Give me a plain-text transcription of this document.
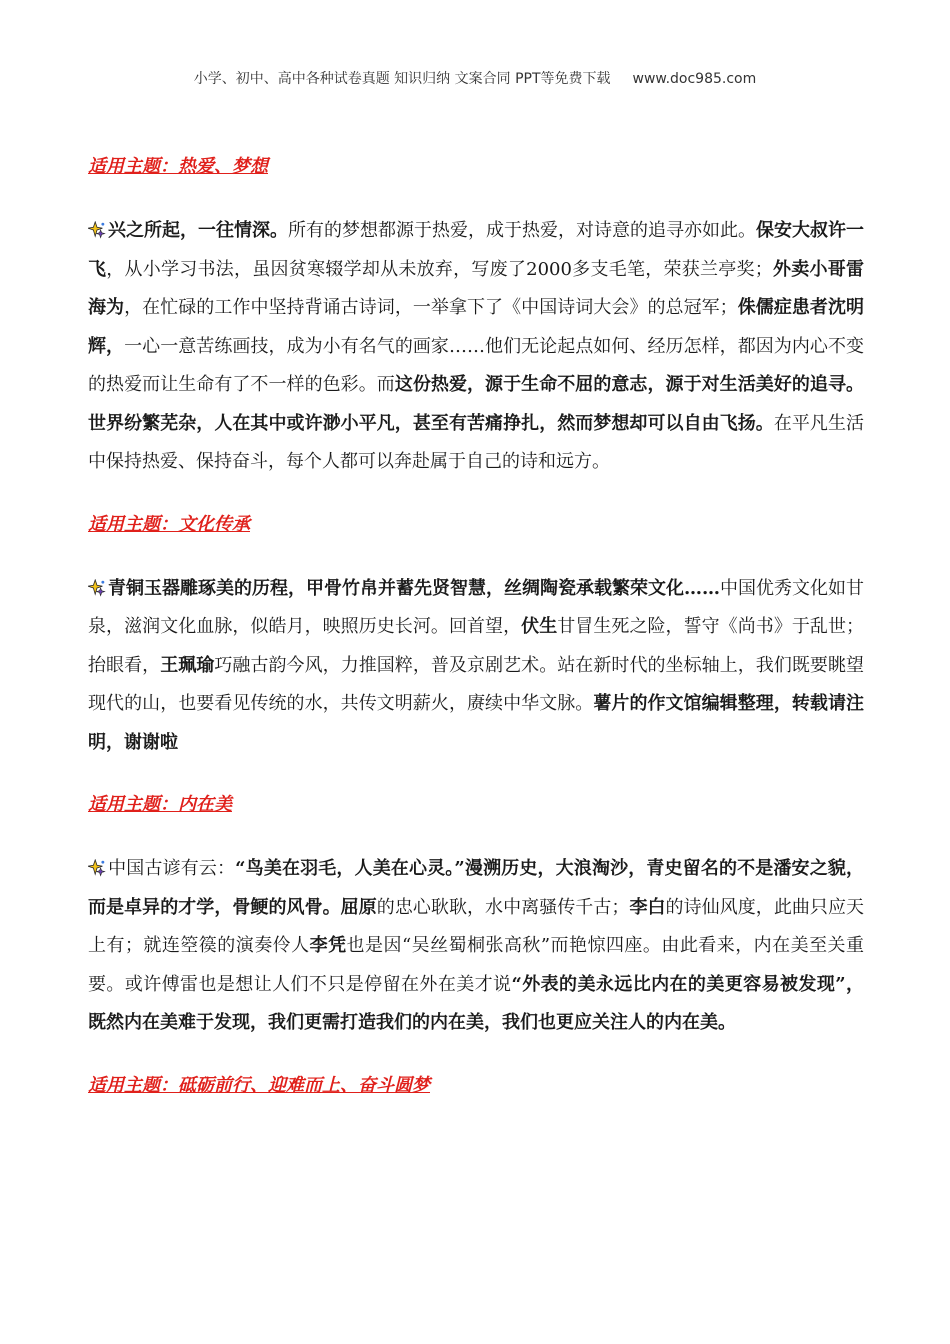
小学、初中、高中各种试卷真题 知识归纳 文案合同 PPT等免费下载 www.doc985.com

适用主题：热爱、梦想

兴之所起，一往情深。所有的梦想都源于热爱，成于热爱，对诗意的追寻亦如此。保安大叔许一飞，从小学习书法，虽因贫寒辍学却从未放弃，写废了2000多支毛笔，荣获兰亭奖；外卖小哥雷海为，在忙碌的工作中坚持背诵古诗词，一举拿下了《中国诗词大会》的总冠军；侏儒症患者沈明辉，一心一意苦练画技，成为小有名气的画家……他们无论起点如何、经历怎样，都因为内心不变的热爱而让生命有了不一样的色彩。而这份热爱，源于生命不屈的意志，源于对生活美好的追寻。世界纷繁芜杂，人在其中或许渺小平凡，甚至有苦痛挣扎，然而梦想却可以自由飞扬。在平凡生活中保持热爱、保持奋斗，每个人都可以奔赴属于自己的诗和远方。

适用主题：文化传承

青铜玉器雕琢美的历程，甲骨竹帛并蓄先贤智慧，丝绸陶瓷承载繁荣文化……中国优秀文化如甘泉，滋润文化血脉，似皓月，映照历史长河。回首望，伏生甘冒生死之险，誓守《尚书》于乱世；抬眼看，王珮瑜巧融古韵今风，力推国粹，普及京剧艺术。站在新时代的坐标轴上，我们既要眺望现代的山，也要看见传统的水，共传文明薪火，赓续中华文脉。薯片的作文馆编辑整理，转载请注明，谢谢啦

适用主题：内在美

中国古谚有云：“鸟美在羽毛，人美在心灵。”漫溯历史，大浪淘沙，青史留名的不是潘安之貌，而是卓异的才学，骨鲠的风骨。屈原的忠心耿耿，水中离骚传千古；李白的诗仙风度，此曲只应天上有；就连箜篌的演奏伶人李凭也是因“吴丝蜀桐张高秋”而艳惊四座。由此看来，内在美至关重要。或许傅雷也是想让人们不只是停留在外在美才说“外表的美永远比内在的美更容易被发现”，既然内在美难于发现，我们更需打造我们的内在美，我们也更应关注人的内在美。

适用主题：砥砺前行、迎难而上、奋斗圆梦
